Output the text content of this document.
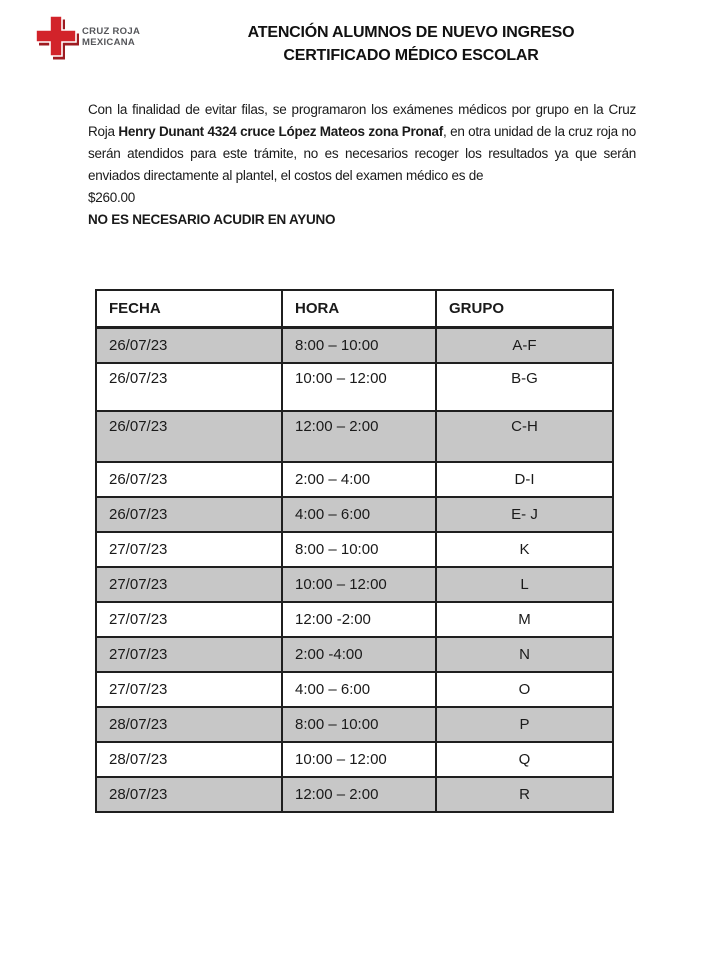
CRUZ ROJA
MEXICANA
ATENCIÓN ALUMNOS DE NUEVO INGRESO
CERTIFICADO MÉDICO ESCOLAR

Con la finalidad de evitar filas, se programaron los exámenes médicos por grupo en la Cruz Roja Henry Dunant 4324 cruce López Mateos zona Pronaf, en otra unidad de la cruz roja no serán atendidos para este trámite, no es necesarios recoger los resultados ya que serán enviados directamente al plantel, el costos del examen médico es de

$260.00
NO ES NECESARIO ACUDIR EN AYUNO
FECHA	HORA	GRUPO
26/07/23	8:00 – 10:00	A-F
26/07/23	10:00 – 12:00	B-G
26/07/23	12:00 – 2:00	C-H
26/07/23	2:00 – 4:00	D-I
26/07/23	4:00 – 6:00	E- J
27/07/23	8:00 – 10:00	K
27/07/23	10:00 – 12:00	L
27/07/23	12:00 -2:00	M
27/07/23	2:00 -4:00	N
27/07/23	4:00 – 6:00	O
28/07/23	8:00 – 10:00	P
28/07/23	10:00 – 12:00	Q
28/07/23	12:00 – 2:00	R
